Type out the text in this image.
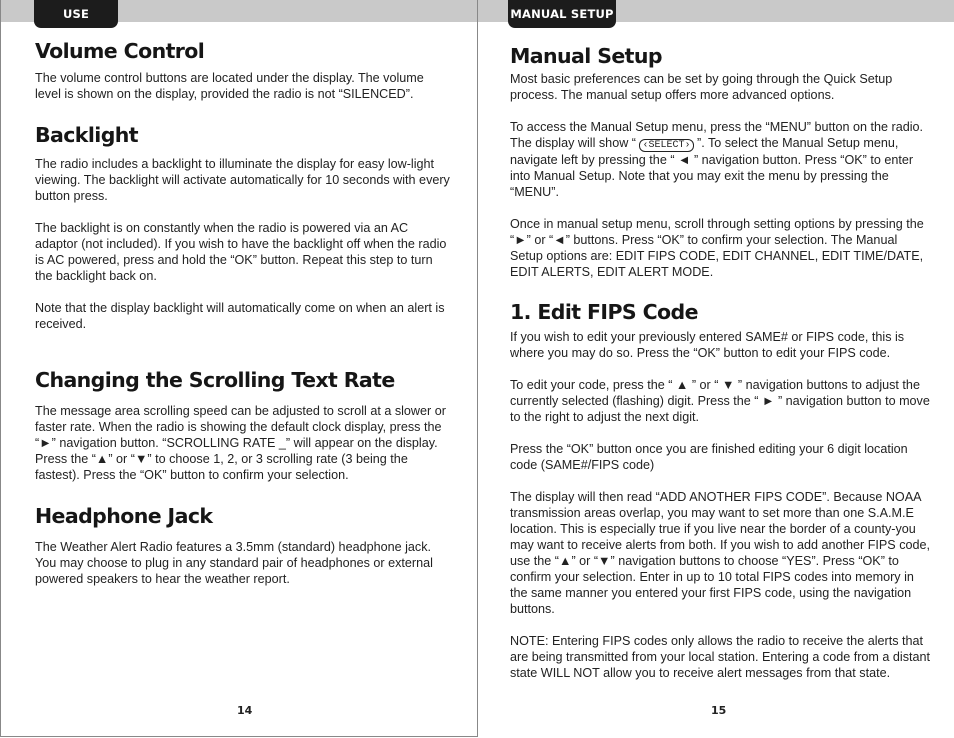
USE
Volume Control

The volume control buttons are located under the display. The volume level is shown on the display, provided the radio is not “SILENCED”.

Backlight

The radio includes a backlight to illuminate the display for easy low-light viewing. The backlight will activate automatically for 10 seconds with every button press.

The backlight is on constantly when the radio is powered via an AC adaptor (not included). If you wish to have the backlight off when the radio is AC powered, press and hold the “OK” button. Repeat this step to turn the backlight back on.

Note that the display backlight will automatically come on when an alert is received.

Changing the Scrolling Text Rate

The message area scrolling speed can be adjusted to scroll at a slower or faster rate. When the radio is showing the default clock display, press the “►” navigation button. “SCROLLING RATE _” will appear on the display. Press the “▲” or “▼” to choose 1, 2, or 3 scrolling rate (3 being the fastest). Press the “OK” button to confirm your selection.

Headphone Jack

The Weather Alert Radio features a 3.5mm (standard) headphone jack. You may choose to plug in any standard pair of headphones or external powered speakers to hear the weather report.

14
MANUAL SETUP
Manual Setup

Most basic preferences can be set by going through the Quick Setup process. The manual setup offers more advanced options.

To access the Manual Setup menu, press the “MENU” button on the radio. The display will show “ ‹SELECT› ”. To select the Manual Setup menu, navigate left by pressing the “ ◄ ” navigation button. Press “OK” to enter into Manual Setup. Note that you may exit the menu by pressing the “MENU”.

Once in manual setup menu, scroll through setting options by pressing the “►” or “◄” buttons. Press “OK” to confirm your selection. The Manual Setup options are: EDIT FIPS CODE, EDIT CHANNEL, EDIT TIME/DATE, EDIT ALERTS, EDIT ALERT MODE.

1. Edit FIPS Code

If you wish to edit your previously entered SAME# or FIPS code, this is where you may do so. Press the “OK” button to edit your FIPS code.

To edit your code, press the “ ▲ ” or “ ▼ ” navigation buttons to adjust the currently selected (flashing) digit. Press the “ ► ” navigation button to move to the right to adjust the next digit.

Press the “OK” button once you are finished editing your 6 digit location code (SAME#/FIPS code)

The display will then read “ADD ANOTHER FIPS CODE”. Because NOAA transmission areas overlap, you may want to set more than one S.A.M.E location. This is especially true if you live near the border of a county-you may want to receive alerts from both. If you wish to add another FIPS code, use the “▲” or “▼” navigation buttons to choose “YES”. Press “OK” to confirm your selection. Enter in up to 10 total FIPS codes into memory in the same manner you entered your first FIPS code, using the navigation buttons.

NOTE: Entering FIPS codes only allows the radio to receive the alerts that are being transmitted from your local station. Entering a code from a distant state WILL NOT allow you to receive alert messages from that state.

15
